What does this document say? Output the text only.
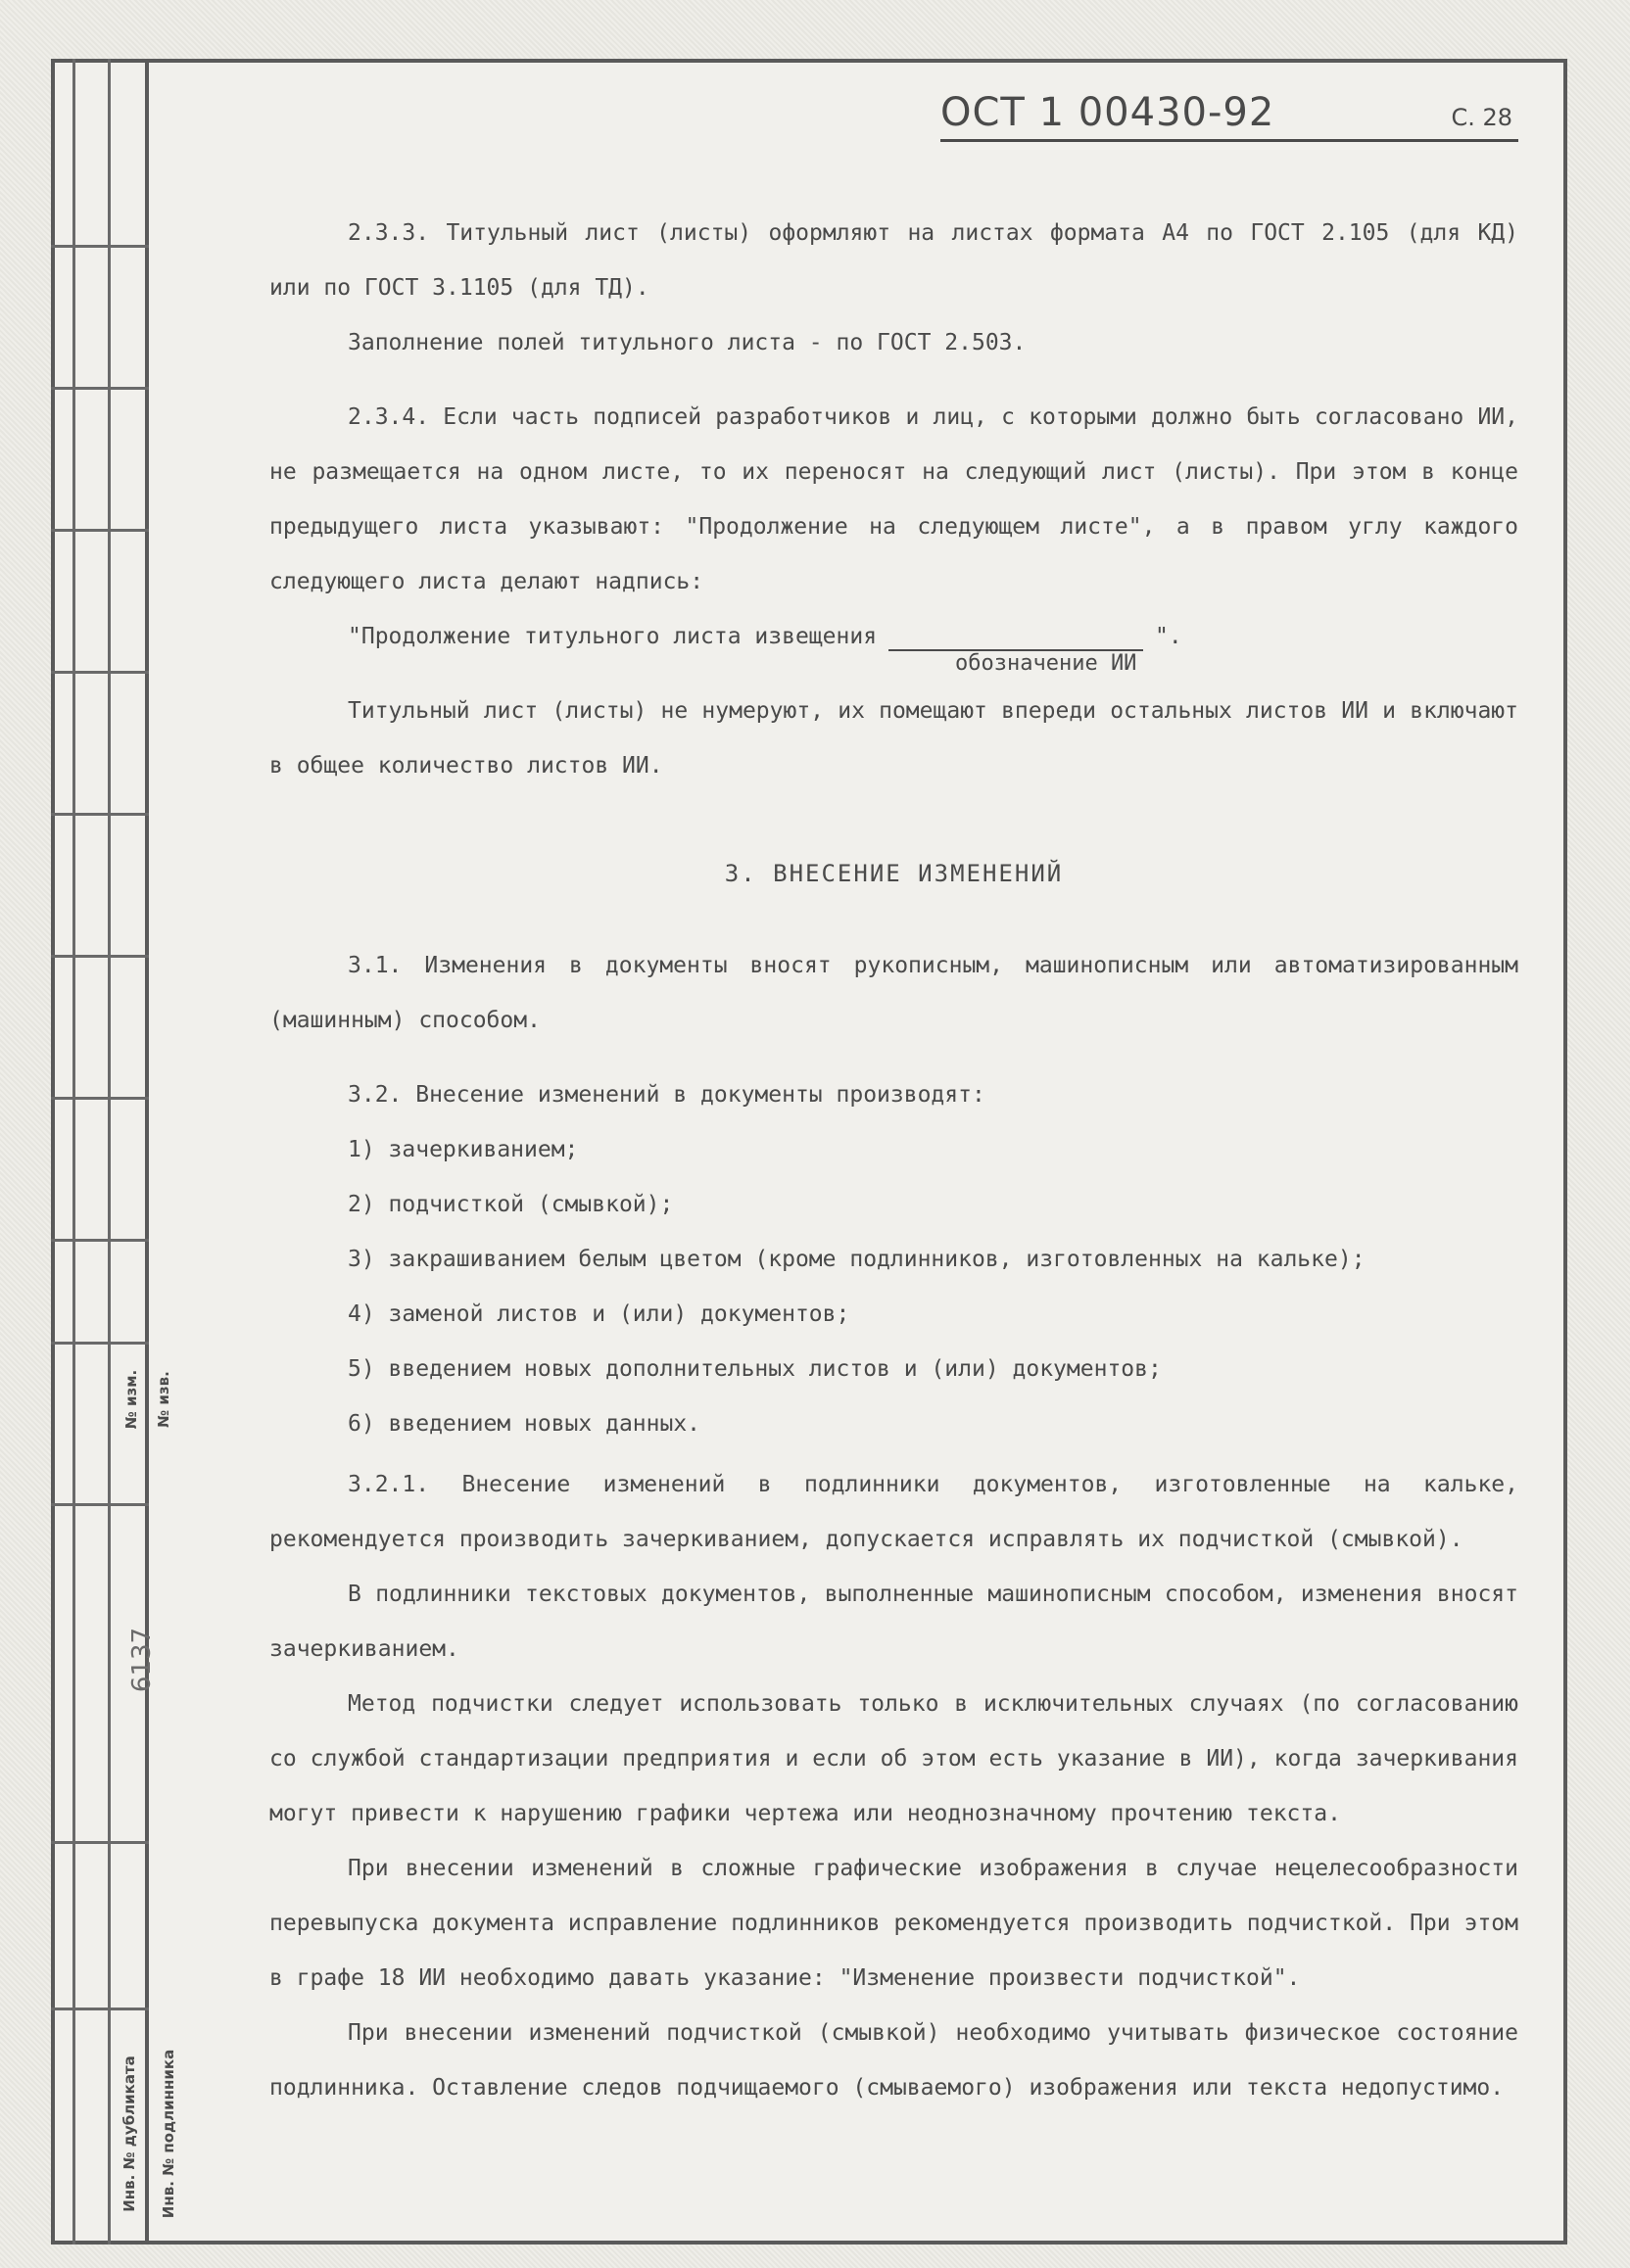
№ изм. № изв.
6137
Инв. № дубликата Инв. № подлинника
ОСТ 1 00430-92	С. 28

2.3.3. Титульный лист (листы) оформляют на листах формата А4 по ГОСТ 2.105 (для КД) или по ГОСТ 3.1105 (для ТД).

Заполнение полей титульного листа - по ГОСТ 2.503.

2.3.4. Если часть подписей разработчиков и лиц, с которыми должно быть согласовано ИИ, не размещается на одном листе, то их переносят на следующий лист (листы). При этом в конце предыдущего листа указывают: "Продолжение на следующем листе", а в правом углу каждого следующего листа делают надпись:

"Продолжение титульного листа извещения	".
обозначение ИИ

Титульный лист (листы) не нумеруют, их помещают впереди остальных листов ИИ и включают в общее количество листов ИИ.

3. ВНЕСЕНИЕ ИЗМЕНЕНИЙ

3.1. Изменения в документы вносят рукописным, машинописным или автоматизированным (машинным) способом.

3.2. Внесение изменений в документы производят:

1) зачеркиванием;

2) подчисткой (смывкой);

3) закрашиванием белым цветом (кроме подлинников, изготовленных на кальке);

4) заменой листов и (или) документов;

5) введением новых дополнительных листов и (или) документов;

6) введением новых данных.

3.2.1. Внесение изменений в подлинники документов, изготовленные на кальке, рекомендуется производить зачеркиванием, допускается исправлять их подчисткой (смывкой).

В подлинники текстовых документов, выполненные машинописным способом, изменения вносят зачеркиванием.

Метод подчистки следует использовать только в исключительных случаях (по согласованию со службой стандартизации предприятия и если об этом есть указание в ИИ), когда зачеркивания могут привести к нарушению графики чертежа или неоднозначному прочтению текста.

При внесении изменений в сложные графические изображения в случае нецелесообразности перевыпуска документа исправление подлинников рекомендуется производить подчисткой. При этом в графе 18 ИИ необходимо давать указание: "Изменение произвести подчисткой".

При внесении изменений подчисткой (смывкой) необходимо учитывать физическое состояние подлинника. Оставление следов подчищаемого (смываемого) изображения или текста недопустимо.
